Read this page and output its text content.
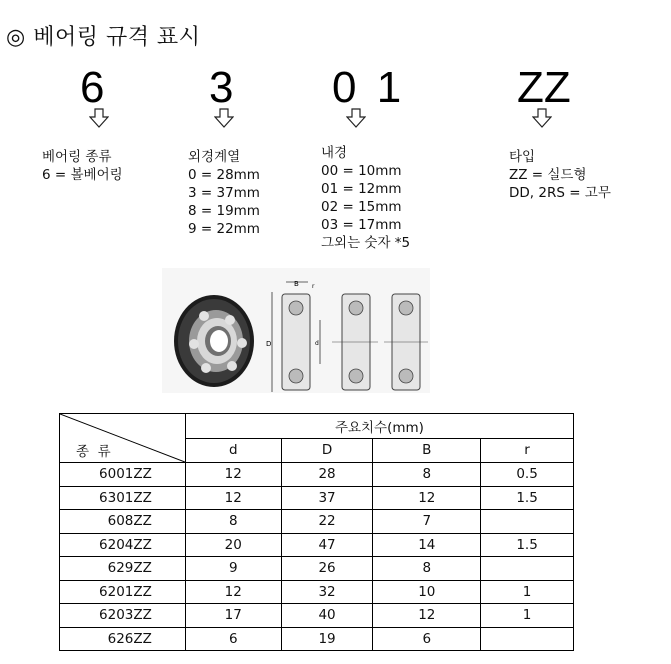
◎ 베어링 규격 표시
6 3 0 1	ZZ
베어링 종류
6 = 볼베어링
외경계열
0 = 28mm
3 = 37mm
8 = 19mm
9 = 22mm
내경
00 = 10mm
01 = 12mm
02 = 15mm
03 = 17mm
그외는 숫자 *5
타입
ZZ = 실드형
DD, 2RS = 고무
D
B r
d
종  류	주요치수(mm)			
	d	D	B	r
6001ZZ	12	28	8	0.5
6301ZZ	12	37	12	1.5
608ZZ	8	22	7	
6204ZZ	20	47	14	1.5
629ZZ	9	26	8	
6201ZZ	12	32	10	1
6203ZZ	17	40	12	1
626ZZ	6	19	6	
